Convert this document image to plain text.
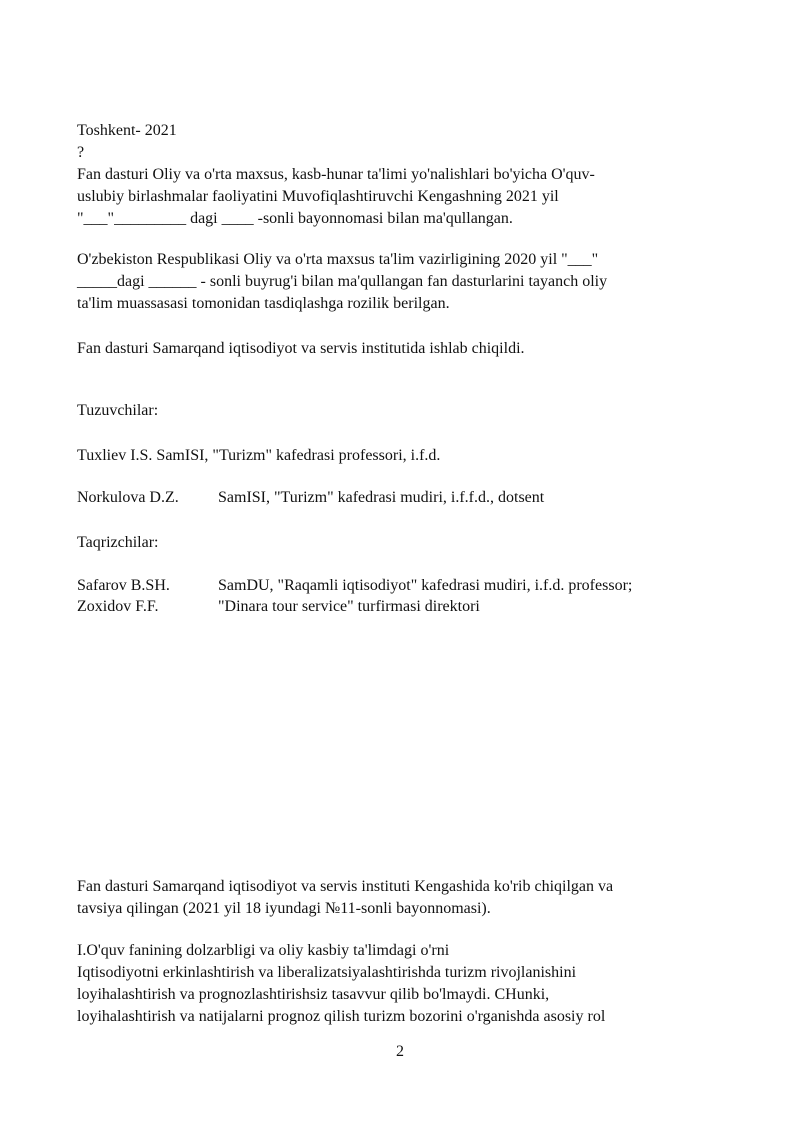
Toshkent- 2021
?
Fan dasturi Oliy va o'rta maxsus, kasb-hunar ta'limi yo'nalishlari bo'yicha O'quv-
uslubiy birlashmalar faoliyatini Muvofiqlashtiruvchi Kengashning 2021 yil
"___"_________ dagi ____ -sonli bayonnomasi bilan ma'qullangan.
O'zbekiston Respublikasi Oliy va o'rta maxsus ta'lim vazirligining 2020 yil "___"
_____dagi ______ - sonli buyrug'i bilan ma'qullangan fan dasturlarini tayanch oliy
ta'lim muassasasi tomonidan tasdiqlashga rozilik berilgan.
Fan dasturi Samarqand iqtisodiyot va servis institutida ishlab chiqildi.
Tuzuvchilar:
Tuxliev I.S. SamISI, "Turizm" kafedrasi professori, i.f.d.
Norkulova D.Z. SamISI, "Turizm" kafedrasi mudiri, i.f.f.d., dotsent
Taqrizchilar:
Safarov B.SH.	SamDU, "Raqamli iqtisodiyot" kafedrasi mudiri, i.f.d. professor;
Zoxidov F.F.	"Dinara tour service" turfirmasi direktori
Fan dasturi Samarqand iqtisodiyot va servis instituti Kengashida ko'rib chiqilgan va
tavsiya qilingan (2021 yil 18 iyundagi №11-sonli bayonnomasi).
I.O'quv fanining dolzarbligi va oliy kasbiy ta'limdagi o'rni
Iqtisodiyotni erkinlashtirish va liberalizatsiyalashtirishda turizm rivojlanishini
loyihalashtirish va prognozlashtirishsiz tasavvur qilib bo'lmaydi. CHunki,
loyihalashtirish va natijalarni prognoz qilish turizm bozorini o'rganishda asosiy rol
2
